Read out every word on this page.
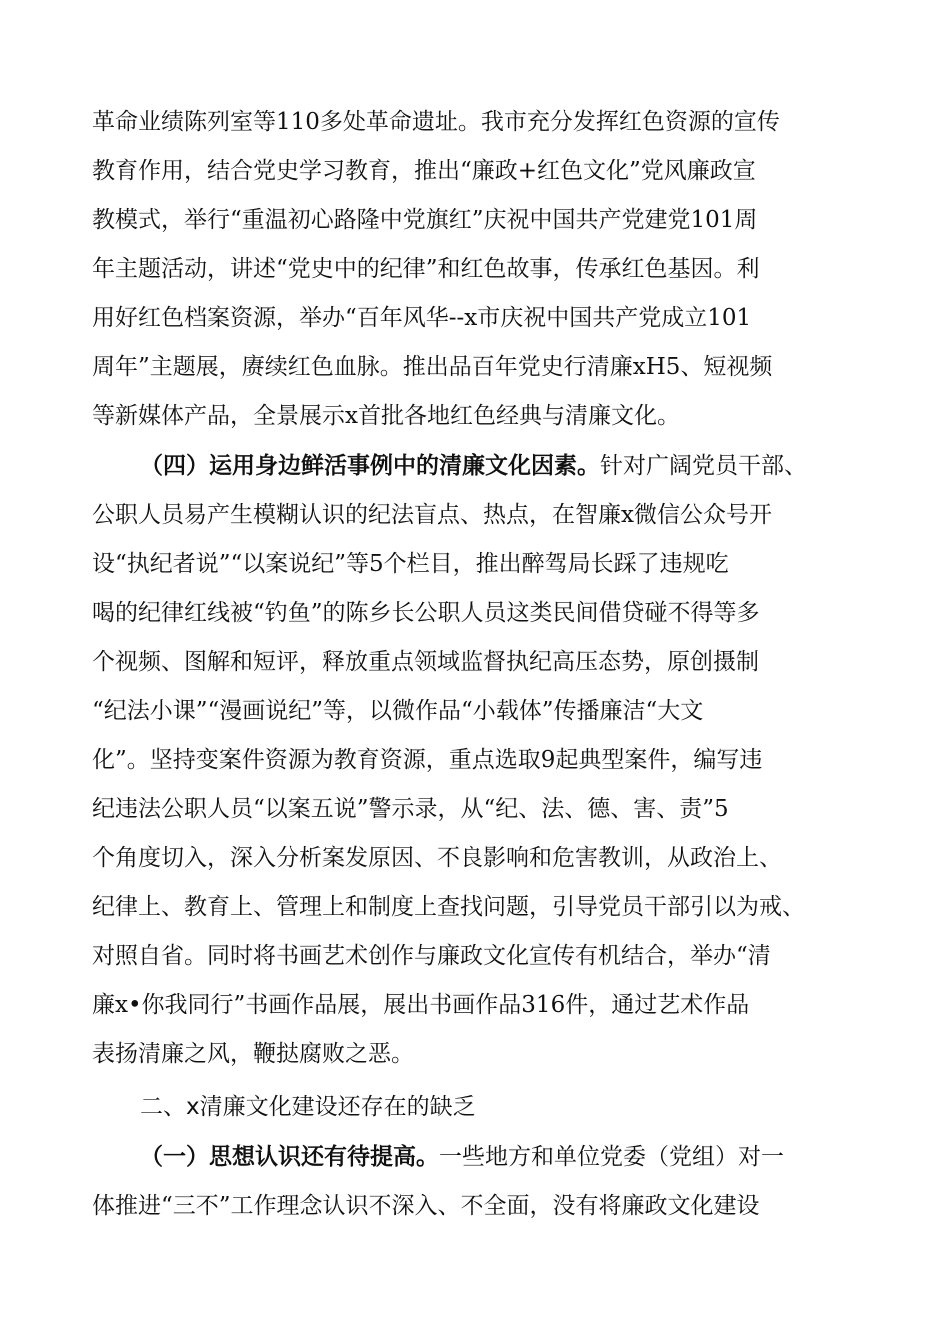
革命业绩陈列室等110多处革命遗址。我市充分发挥红色资源的宣传
教育作用，结合党史学习教育，推出“廉政+红色文化”党风廉政宣
教模式，举行“重温初心路隆中党旗红”庆祝中国共产党建党101周
年主题活动，讲述“党史中的纪律”和红色故事，传承红色基因。利
用好红色档案资源，举办“百年风华--x市庆祝中国共产党成立101
周年”主题展，赓续红色血脉。推出品百年党史行清廉xH5、短视频
等新媒体产品，全景展示x首批各地红色经典与清廉文化。
（四）运用身边鲜活事例中的清廉文化因素。针对广阔党员干部、
公职人员易产生模糊认识的纪法盲点、热点，在智廉x微信公众号开
设“执纪者说”“以案说纪”等5个栏目，推出醉驾局长踩了违规吃
喝的纪律红线被“钓鱼”的陈乡长公职人员这类民间借贷碰不得等多
个视频、图解和短评，释放重点领域监督执纪高压态势，原创摄制
“纪法小课”“漫画说纪”等，以微作品“小载体”传播廉洁“大文
化”。坚持变案件资源为教育资源，重点选取9起典型案件，编写违
纪违法公职人员“以案五说”警示录，从“纪、法、德、害、责”5
个角度切入，深入分析案发原因、不良影响和危害教训，从政治上、
纪律上、教育上、管理上和制度上查找问题，引导党员干部引以为戒、
对照自省。同时将书画艺术创作与廉政文化宣传有机结合，举办“清
廉x•你我同行”书画作品展，展出书画作品316件，通过艺术作品
表扬清廉之风，鞭挞腐败之恶。
二、x清廉文化建设还存在的缺乏
（一）思想认识还有待提高。一些地方和单位党委（党组）对一
体推进“三不”工作理念认识不深入、不全面，没有将廉政文化建设
